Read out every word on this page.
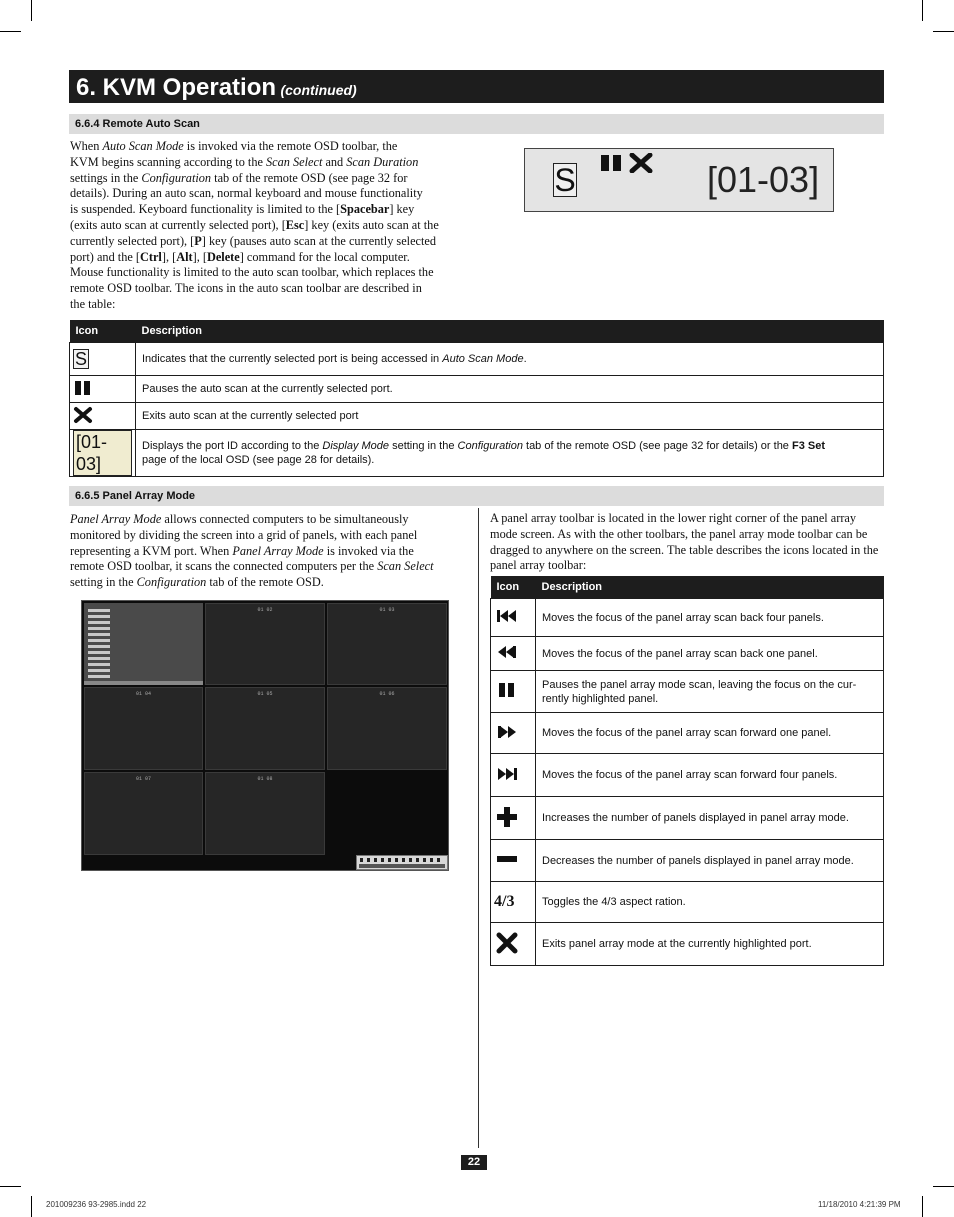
6. KVM Operation (continued)
6.6.4 Remote Auto Scan
When Auto Scan Mode is invoked via the remote OSD toolbar, the
KVM begins scanning according to the Scan Select and Scan Duration
settings in the Configuration tab of the remote OSD (see page 32 for
details). During an auto scan, normal keyboard and mouse functionality
is suspended. Keyboard functionality is limited to the [Spacebar] key
(exits auto scan at currently selected port), [Esc] key (exits auto scan at the
currently selected port), [P] key (pauses auto scan at the currently selected
port) and the [Ctrl], [Alt], [Delete] command for the local computer.
Mouse functionality is limited to the auto scan toolbar, which replaces the
remote OSD toolbar. The icons in the auto scan toolbar are described in
the table:
S	[01-03]
Icon	Description

S	Indicates that the currently selected port is being accessed in Auto Scan Mode.
	Pauses the auto scan at the currently selected port.
	Exits auto scan at the currently selected port
[01-03]	Displays the port ID according to the Display Mode setting in the Configuration tab of the remote OSD (see page 32 for details) or the F3 Set
page of the local OSD (see page 28 for details).
6.6.5 Panel Array Mode
Panel Array Mode allows connected computers to be simultaneously
monitored by dividing the screen into a grid of panels, with each panel
representing a KVM port. When Panel Array Mode is invoked via the
remote OSD toolbar, it scans the connected computers per the Scan Select
setting in the Configuration tab of the remote OSD.
01 02	01 03
01 04	01 05	01 06
01 07	01 08
A panel array toolbar is located in the lower right corner of the panel array mode screen. As with the other toolbars, the panel array mode toolbar can be dragged to anywhere on the screen. The table describes the icons located in the panel array toolbar:
Icon	Description
	Moves the focus of the panel array scan back four panels.
	Moves the focus of the panel array scan back one panel.
	Pauses the panel array mode scan, leaving the focus on the cur-rently highlighted panel.
	Moves the focus of the panel array scan forward one panel.
	Moves the focus of the panel array scan forward four panels.
	Increases the number of panels displayed in panel array mode.
	Decreases the number of panels displayed in panel array mode.
4/3	Toggles the 4/3 aspect ration.
	Exits panel array mode at the currently highlighted port.
22
201009236 93-2985.indd 22	11/18/2010 4:21:39 PM
